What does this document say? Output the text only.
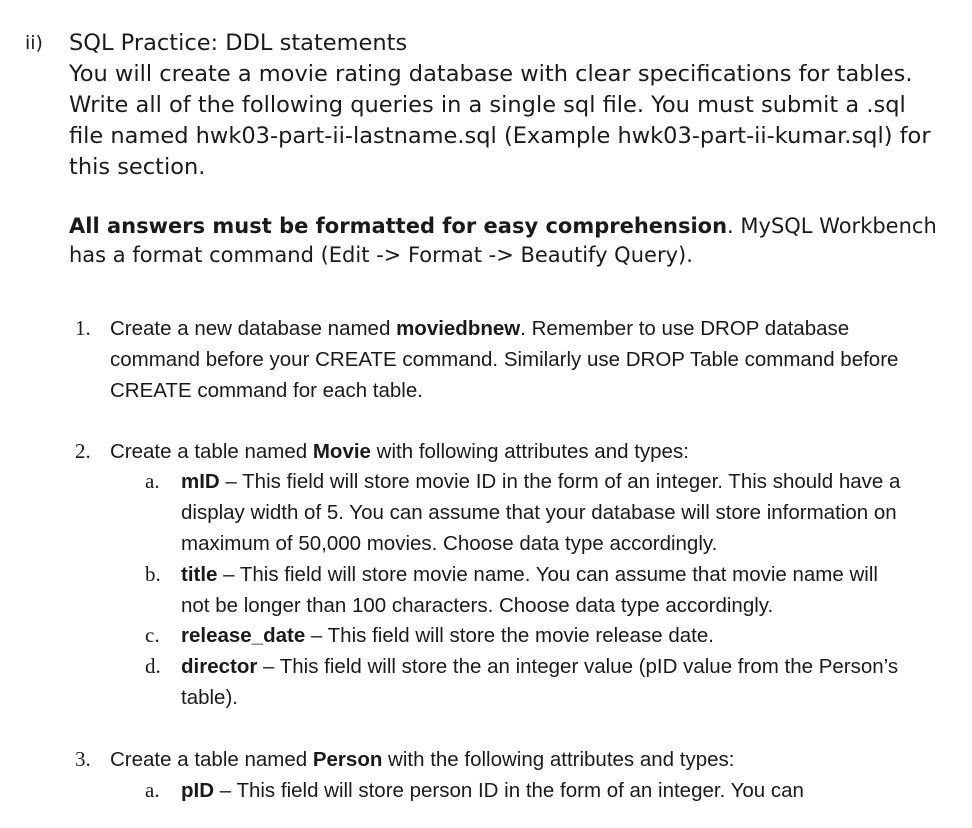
ii) SQL Practice: DDL statements
You will create a movie rating database with clear specifications for tables. Write all of the following queries in a single sql file. You must submit a .sql file named hwk03-part-ii-lastname.sql (Example hwk03-part-ii-kumar.sql) for this section.
All answers must be formatted for easy comprehension. MySQL Workbench has a format command (Edit -> Format -> Beautify Query).
1. Create a new database named moviedbnew. Remember to use DROP database command before your CREATE command. Similarly use DROP Table command before CREATE command for each table.
2. Create a table named Movie with following attributes and types:
a. mID – This field will store movie ID in the form of an integer. This should have a display width of 5. You can assume that your database will store information on maximum of 50,000 movies. Choose data type accordingly.
b. title – This field will store movie name. You can assume that movie name will not be longer than 100 characters. Choose data type accordingly.
c. release_date – This field will store the movie release date.
d. director – This field will store the an integer value (pID value from the Person’s table).
3. Create a table named Person with the following attributes and types:
a. pID – This field will store person ID in the form of an integer. You can
